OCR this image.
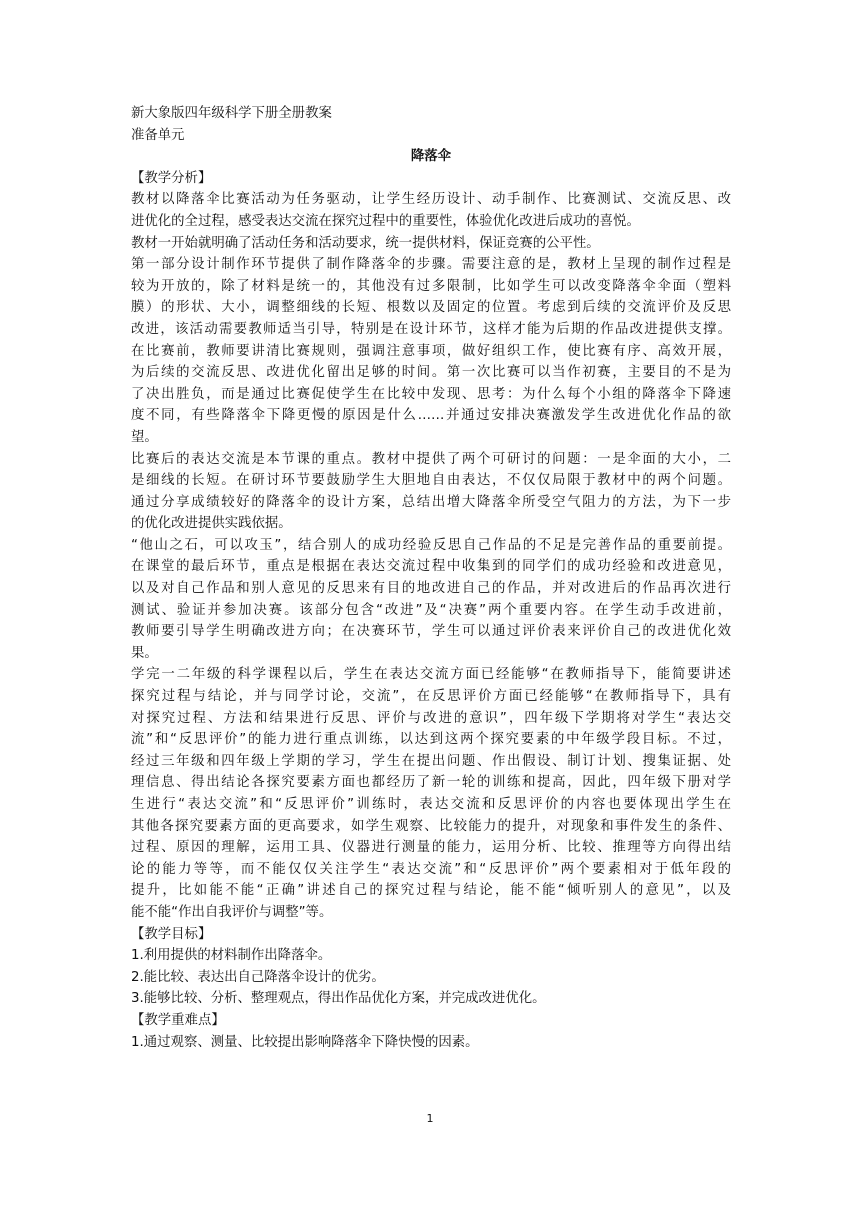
新大象版四年级科学下册全册教案
准备单元
降落伞
【教学分析】
教材以降落伞比赛活动为任务驱动，让学生经历设计、动手制作、比赛测试、交流反思、改
进优化的全过程，感受表达交流在探究过程中的重要性，体验优化改进后成功的喜悦。
教材一开始就明确了活动任务和活动要求，统一提供材料，保证竞赛的公平性。
第一部分设计制作环节提供了制作降落伞的步骤。需要注意的是，教材上呈现的制作过程是
较为开放的，除了材料是统一的，其他没有过多限制，比如学生可以改变降落伞伞面（塑料
膜）的形状、大小，调整细线的长短、根数以及固定的位置。考虑到后续的交流评价及反思
改进，该活动需要教师适当引导，特别是在设计环节，这样才能为后期的作品改进提供支撑。
在比赛前，教师要讲清比赛规则，强调注意事项，做好组织工作，使比赛有序、高效开展，
为后续的交流反思、改进优化留出足够的时间。第一次比赛可以当作初赛，主要目的不是为
了决出胜负，而是通过比赛促使学生在比较中发现、思考：为什么每个小组的降落伞下降速
度不同，有些降落伞下降更慢的原因是什么……并通过安排决赛激发学生改进优化作品的欲
望。
比赛后的表达交流是本节课的重点。教材中提供了两个可研讨的问题：一是伞面的大小，二
是细线的长短。在研讨环节要鼓励学生大胆地自由表达，不仅仅局限于教材中的两个问题。
通过分享成绩较好的降落伞的设计方案，总结出增大降落伞所受空气阻力的方法，为下一步
的优化改进提供实践依据。
“他山之石，可以攻玉”，结合别人的成功经验反思自己作品的不足是完善作品的重要前提。
在课堂的最后环节，重点是根据在表达交流过程中收集到的同学们的成功经验和改进意见，
以及对自己作品和别人意见的反思来有目的地改进自己的作品，并对改进后的作品再次进行
测试、验证并参加决赛。该部分包含“改进”及“决赛”两个重要内容。在学生动手改进前，
教师要引导学生明确改进方向；在决赛环节，学生可以通过评价表来评价自己的改进优化效
果。
学完一二年级的科学课程以后，学生在表达交流方面已经能够“在教师指导下，能简要讲述
探究过程与结论，并与同学讨论，交流”，在反思评价方面已经能够“在教师指导下，具有
对探究过程、方法和结果进行反思、评价与改进的意识”，四年级下学期将对学生“表达交
流”和“反思评价”的能力进行重点训练，以达到这两个探究要素的中年级学段目标。不过，
经过三年级和四年级上学期的学习，学生在提出问题、作出假设、制订计划、搜集证据、处
理信息、得出结论各探究要素方面也都经历了新一轮的训练和提高，因此，四年级下册对学
生进行“表达交流”和“反思评价”训练时，表达交流和反思评价的内容也要体现出学生在
其他各探究要素方面的更高要求，如学生观察、比较能力的提升，对现象和事件发生的条件、
过程、原因的理解，运用工具、仪器进行测量的能力，运用分析、比较、推理等方向得出结
论的能力等等，而不能仅仅关注学生“表达交流”和“反思评价”两个要素相对于低年段的
提升，比如能不能“正确”讲述自己的探究过程与结论，能不能“倾听别人的意见”，以及
能不能“作出自我评价与调整”等。
【教学目标】
1.利用提供的材料制作出降落伞。
2.能比较、表达出自己降落伞设计的优劣。
3.能够比较、分析、整理观点，得出作品优化方案，并完成改进优化。
【教学重难点】
1.通过观察、测量、比较提出影响降落伞下降快慢的因素。
1
